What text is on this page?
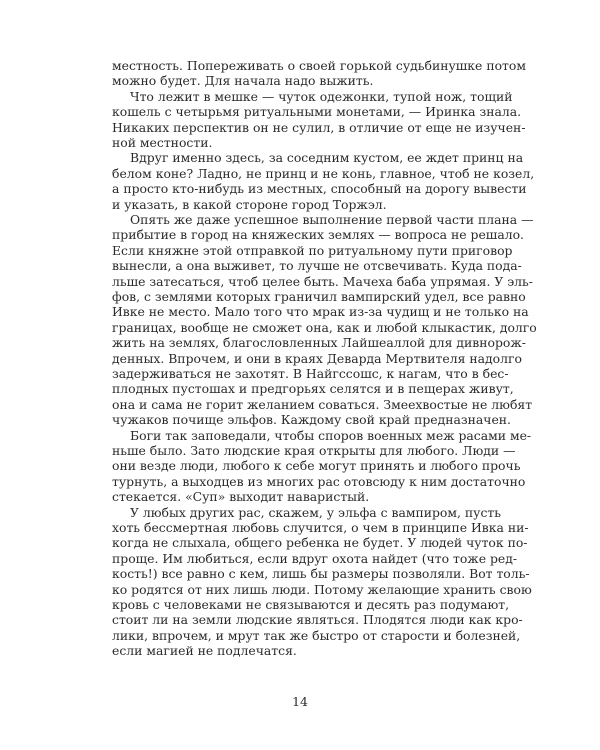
местность. Попереживать о своей горькой судьбинушке потом
можно будет. Для начала надо выжить.
Что лежит в мешке — чуток одежонки, тупой нож, тощий
кошель с четырьмя ритуальными монетами, — Иринка знала.
Никаких перспектив он не сулил, в отличие от еще не изучен-
ной местности.
Вдруг именно здесь, за соседним кустом, ее ждет принц на
белом коне? Ладно, не принц и не конь, главное, чтоб не козел,
а просто кто-нибудь из местных, способный на дорогу вывести
и указать, в какой стороне город Торжэл.
Опять же даже успешное выполнение первой части плана —
прибытие в город на княжеских землях — вопроса не решало.
Если княжне этой отправкой по ритуальному пути приговор
вынесли, а она выживет, то лучше не отсвечивать. Куда пода-
льше затесаться, чтоб целее быть. Мачеха баба упрямая. У эль-
фов, с землями которых граничил вампирский удел, все равно
Ивке не место. Мало того что мрак из-за чудищ и не только на
границах, вообще не сможет она, как и любой клыкастик, долго
жить на землях, благословленных Лайшеаллой для дивнорож-
денных. Впрочем, и они в краях Деварда Мертвителя надолго
задерживаться не захотят. В Найгссошс, к нагам, что в бес-
плодных пустошах и предгорьях селятся и в пещерах живут,
она и сама не горит желанием соваться. Змеехвостые не любят
чужаков почище эльфов. Каждому свой край предназначен.
Боги так заповедали, чтобы споров военных меж расами ме-
ньше было. Зато людские края открыты для любого. Люди —
они везде люди, любого к себе могут принять и любого прочь
турнуть, а выходцев из многих рас отовсюду к ним достаточно
стекается. «Суп» выходит наваристый.
У любых других рас, скажем, у эльфа с вампиром, пусть
хоть бессмертная любовь случится, о чем в принципе Ивка ни-
когда не слыхала, общего ребенка не будет. У людей чуток по-
проще. Им любиться, если вдруг охота найдет (что тоже ред-
кость!) все равно с кем, лишь бы размеры позволяли. Вот толь-
ко родятся от них лишь люди. Потому желающие хранить свою
кровь с человеками не связываются и десять раз подумают,
стоит ли на земли людские являться. Плодятся люди как кро-
лики, впрочем, и мрут так же быстро от старости и болезней,
если магией не подлечатся.
14
